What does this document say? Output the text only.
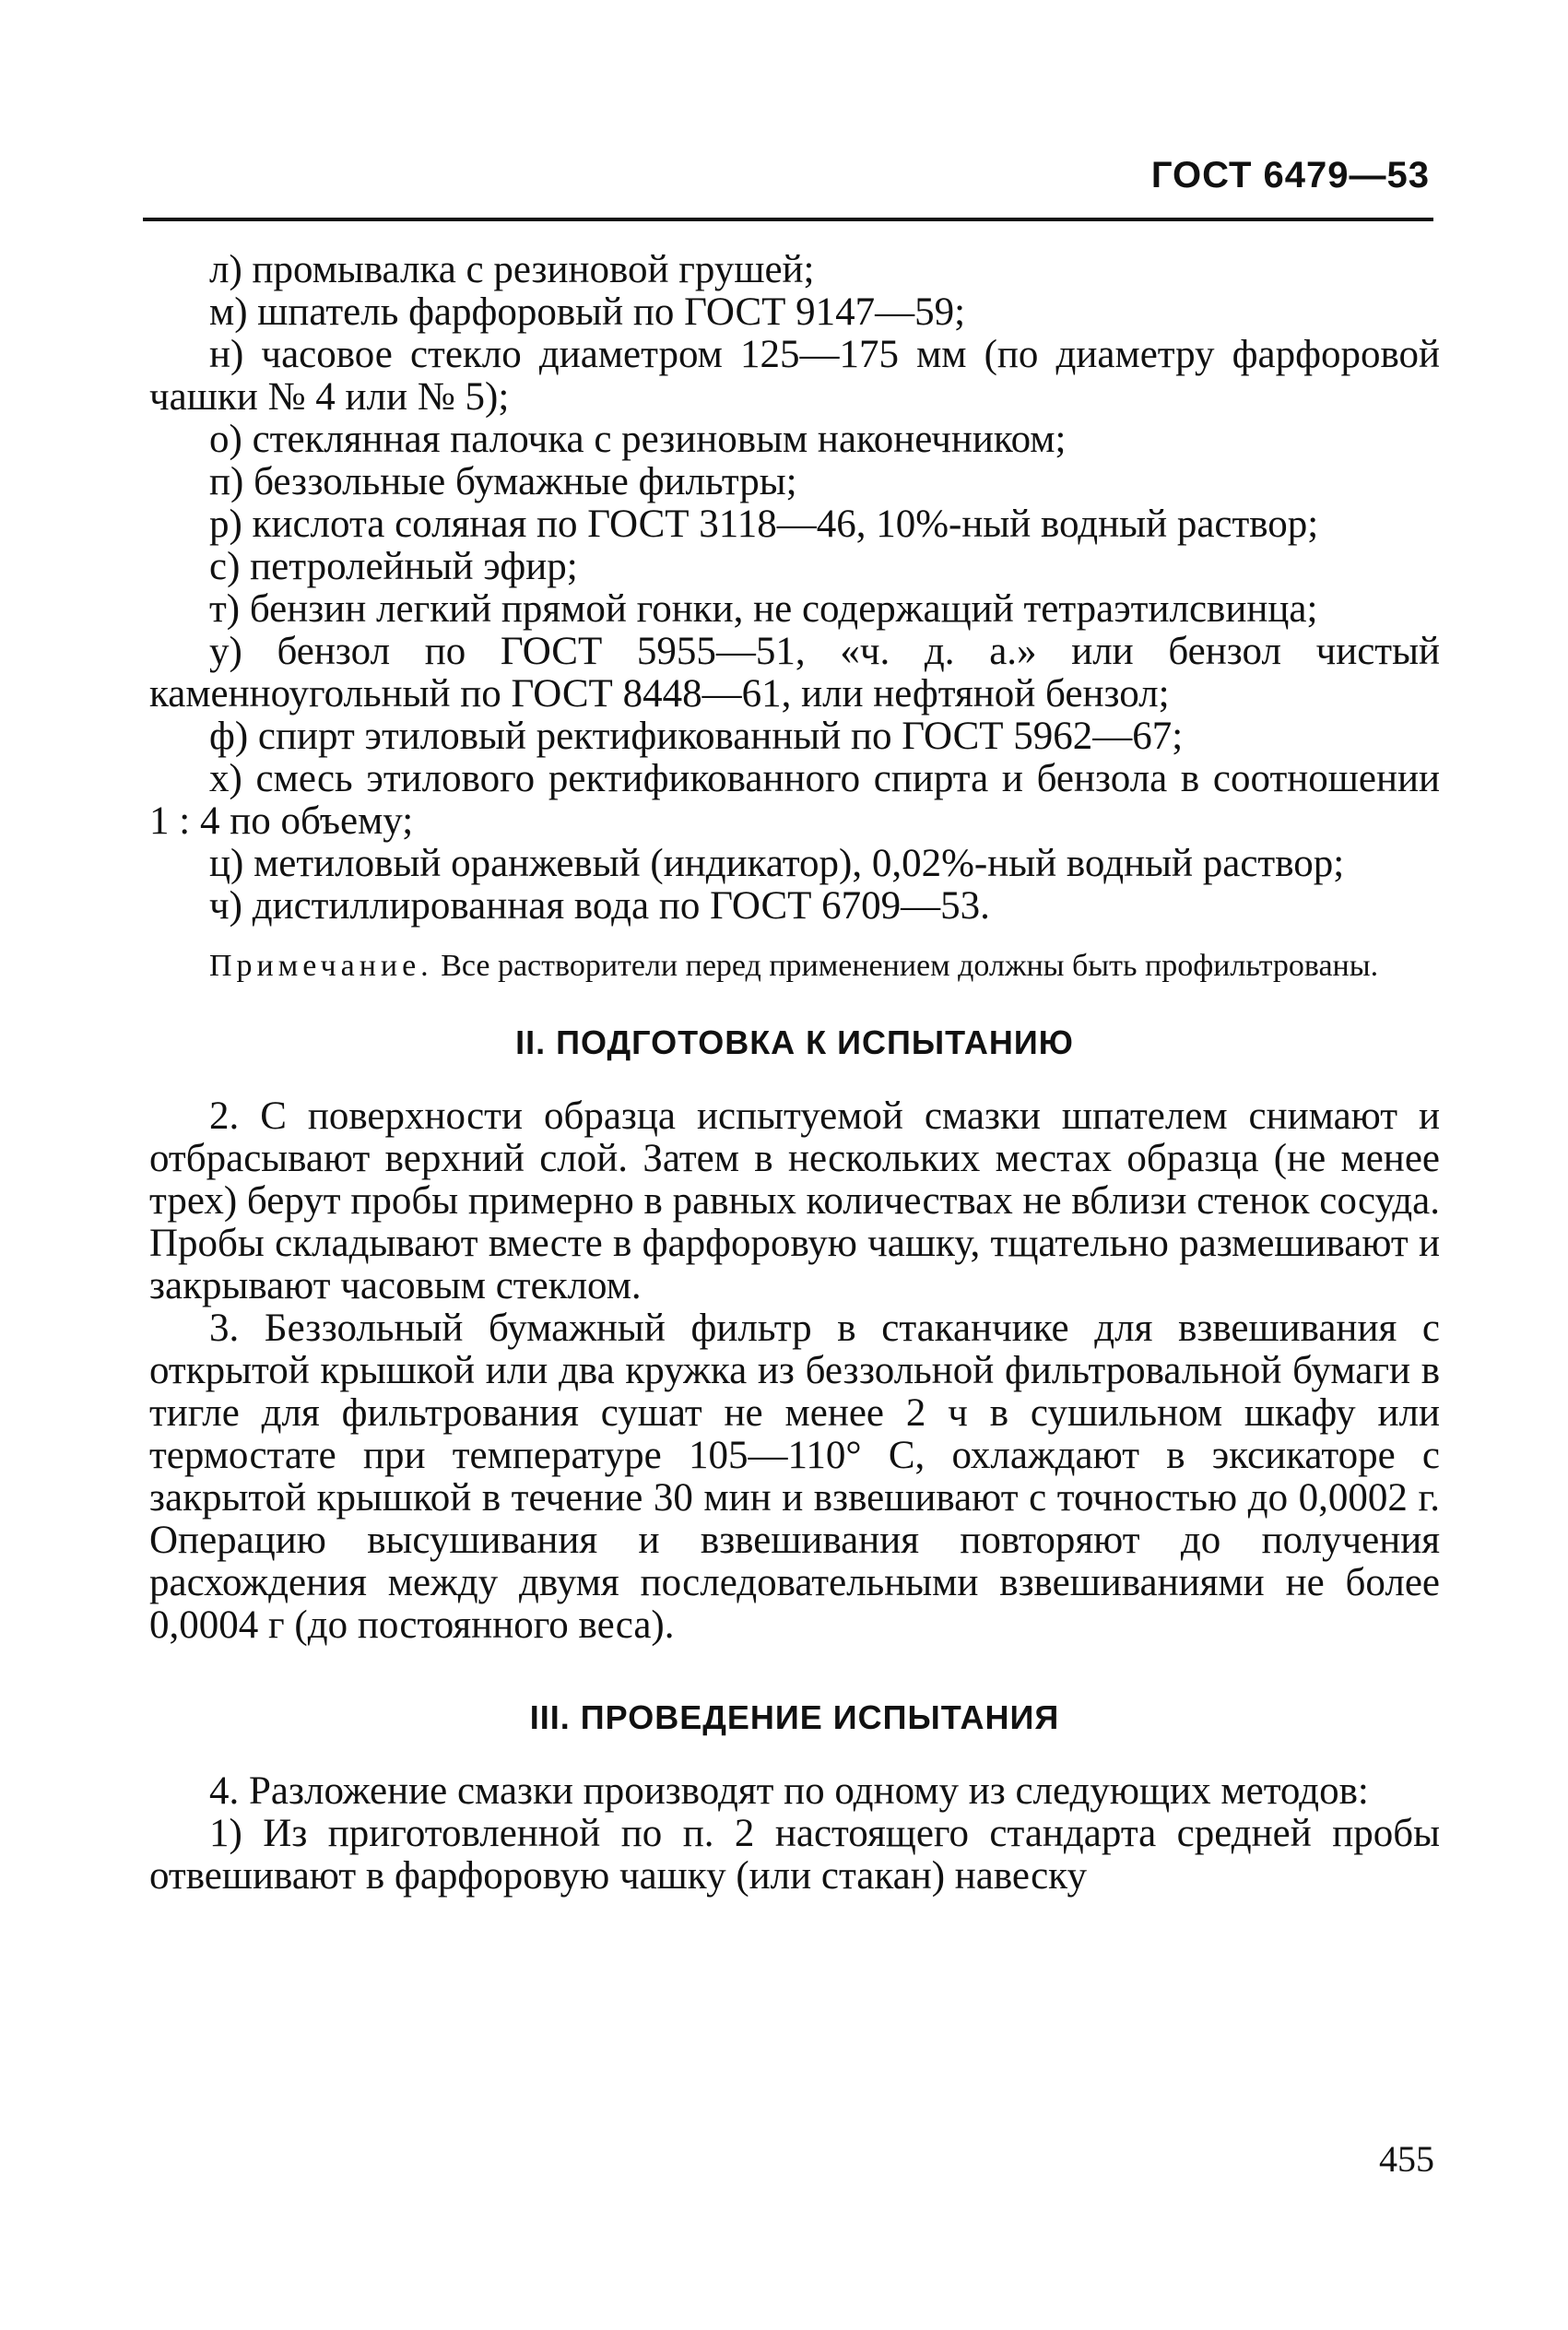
ГОСТ 6479—53

л) промывалка с резиновой грушей;

м) шпатель фарфоровый по ГОСТ 9147—59;

н) часовое стекло диаметром 125—175 мм (по диаметру фарфоровой чашки № 4 или № 5);

о) стеклянная палочка с резиновым наконечником;

п) беззольные бумажные фильтры;

р) кислота соляная по ГОСТ 3118—46, 10%-ный водный раствор;

с) петролейный эфир;

т) бензин легкий прямой гонки, не содержащий тетраэтилсвинца;

у) бензол по ГОСТ 5955—51, «ч. д. а.» или бензол чистый каменноугольный по ГОСТ 8448—61, или нефтяной бензол;

ф) спирт этиловый ректификованный по ГОСТ 5962—67;

х) смесь этилового ректификованного спирта и бензола в соотношении 1 : 4 по объему;

ц) метиловый оранжевый (индикатор), 0,02%-ный водный раствор;

ч) дистиллированная вода по ГОСТ 6709—53.

Примечание. Все растворители перед применением должны быть профильтрованы.

II. ПОДГОТОВКА К ИСПЫТАНИЮ

2. С поверхности образца испытуемой смазки шпателем снимают и отбрасывают верхний слой. Затем в нескольких местах образца (не менее трех) берут пробы примерно в равных количествах не вблизи стенок сосуда. Пробы складывают вместе в фарфоровую чашку, тщательно размешивают и закрывают часовым стеклом.

3. Беззольный бумажный фильтр в стаканчике для взвешивания с открытой крышкой или два кружка из беззольной фильтровальной бумаги в тигле для фильтрования сушат не менее 2 ч в сушильном шкафу или термостате при температуре 105—110° С, охлаждают в эксикаторе с закрытой крышкой в течение 30 мин и взвешивают с точностью до 0,0002 г. Операцию высушивания и взвешивания повторяют до получения расхождения между двумя последовательными взвешиваниями не более 0,0004 г (до постоянного веса).

III. ПРОВЕДЕНИЕ ИСПЫТАНИЯ

4. Разложение смазки производят по одному из следующих методов:

1) Из приготовленной по п. 2 настоящего стандарта средней пробы отвешивают в фарфоровую чашку (или стакан) навеску

455
